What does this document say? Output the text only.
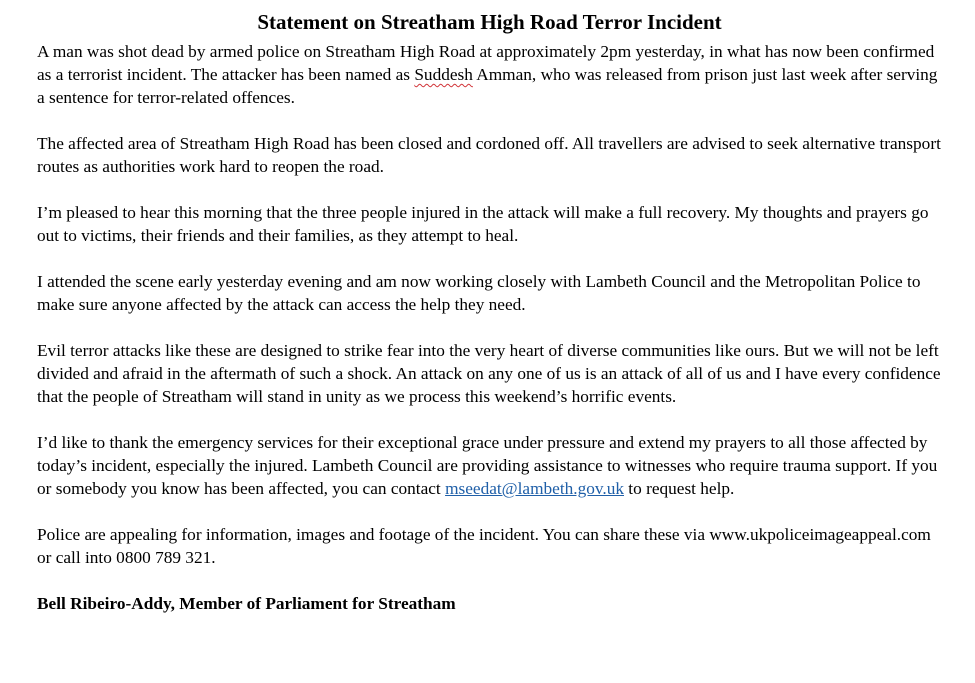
Statement on Streatham High Road Terror Incident

A man was shot dead by armed police on Streatham High Road at approximately 2pm yesterday, in what has now been confirmed as a terrorist incident. The attacker has been named as Suddesh Amman, who was released from prison just last week after serving a sentence for terror-related offences.

The affected area of Streatham High Road has been closed and cordoned off. All travellers are advised to seek alternative transport routes as authorities work hard to reopen the road.

I’m pleased to hear this morning that the three people injured in the attack will make a full recovery. My thoughts and prayers go out to victims, their friends and their families, as they attempt to heal.

I attended the scene early yesterday evening and am now working closely with Lambeth Council and the Metropolitan Police to make sure anyone affected by the attack can access the help they need.

Evil terror attacks like these are designed to strike fear into the very heart of diverse communities like ours. But we will not be left divided and afraid in the aftermath of such a shock. An attack on any one of us is an attack of all of us and I have every confidence that the people of Streatham will stand in unity as we process this weekend’s horrific events.

I’d like to thank the emergency services for their exceptional grace under pressure and extend my prayers to all those affected by today’s incident, especially the injured. Lambeth Council are providing assistance to witnesses who require trauma support. If you or somebody you know has been affected, you can contact mseedat@lambeth.gov.uk to request help.

Police are appealing for information, images and footage of the incident. You can share these via www.ukpoliceimageappeal.com or call into 0800 789 321.

Bell Ribeiro-Addy, Member of Parliament for Streatham
